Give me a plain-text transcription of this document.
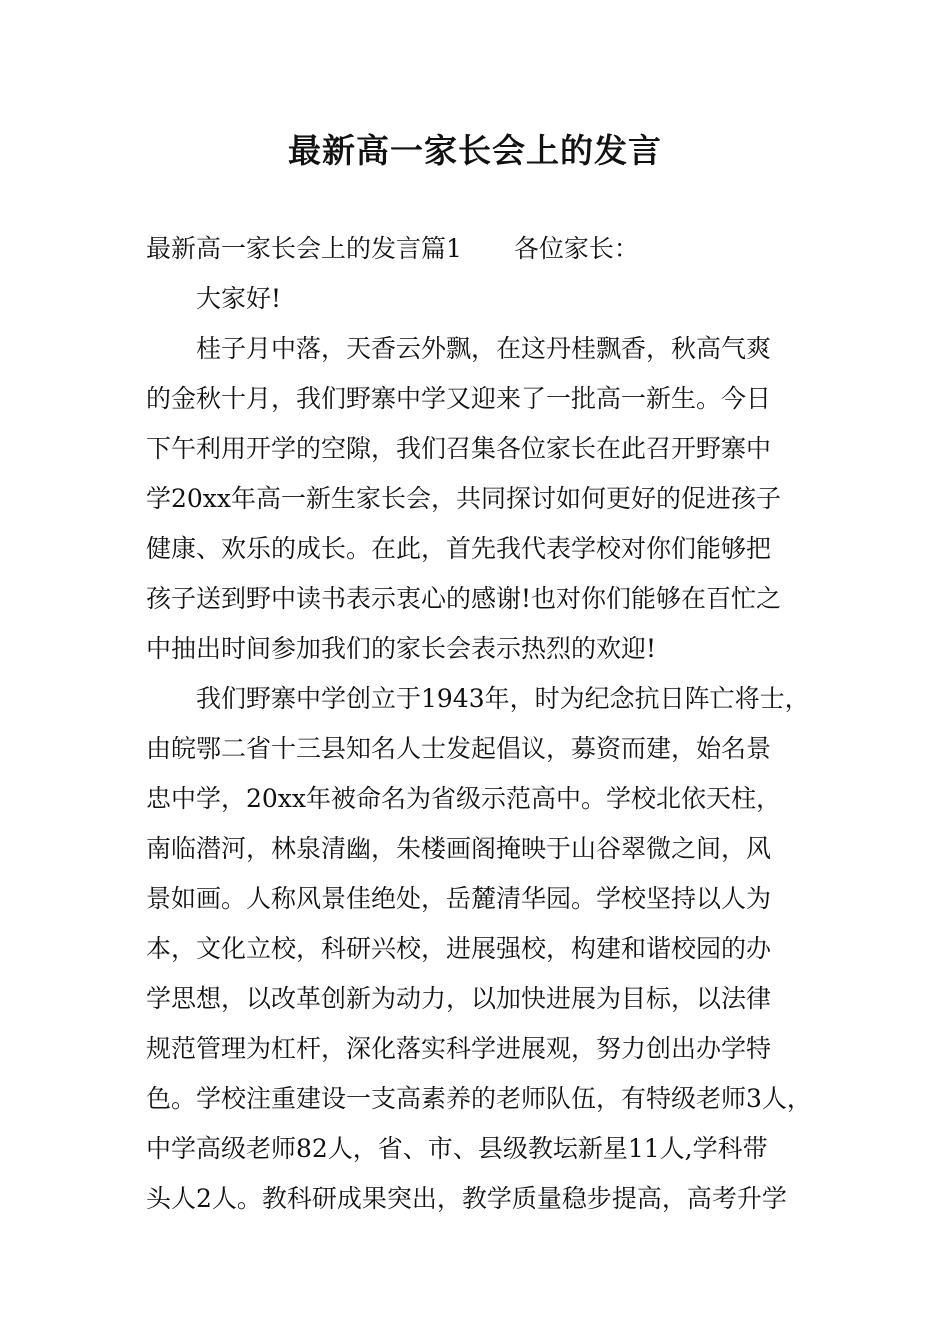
最新高一家长会上的发言
最新高一家长会上的发言篇1 各位家长：
大家好!
桂子月中落，天香云外飘，在这丹桂飘香，秋高气爽
的金秋十月，我们野寨中学又迎来了一批高一新生。今日
下午利用开学的空隙，我们召集各位家长在此召开野寨中
学20xx年高一新生家长会，共同探讨如何更好的促进孩子
健康、欢乐的成长。在此，首先我代表学校对你们能够把
孩子送到野中读书表示衷心的感谢!也对你们能够在百忙之
中抽出时间参加我们的家长会表示热烈的欢迎!
我们野寨中学创立于1943年，时为纪念抗日阵亡将士，
由皖鄂二省十三县知名人士发起倡议，募资而建，始名景
忠中学，20xx年被命名为省级示范高中。学校北依天柱，
南临潜河，林泉清幽，朱楼画阁掩映于山谷翠微之间，风
景如画。人称风景佳绝处，岳麓清华园。学校坚持以人为
本，文化立校，科研兴校，进展强校，构建和谐校园的办
学思想，以改革创新为动力，以加快进展为目标，以法律
规范管理为杠杆，深化落实科学进展观，努力创出办学特
色。学校注重建设一支高素养的老师队伍，有特级老师3人，
中学高级老师82人，省、市、县级教坛新星11人,学科带
头人2人。教科研成果突出，教学质量稳步提高，高考升学
